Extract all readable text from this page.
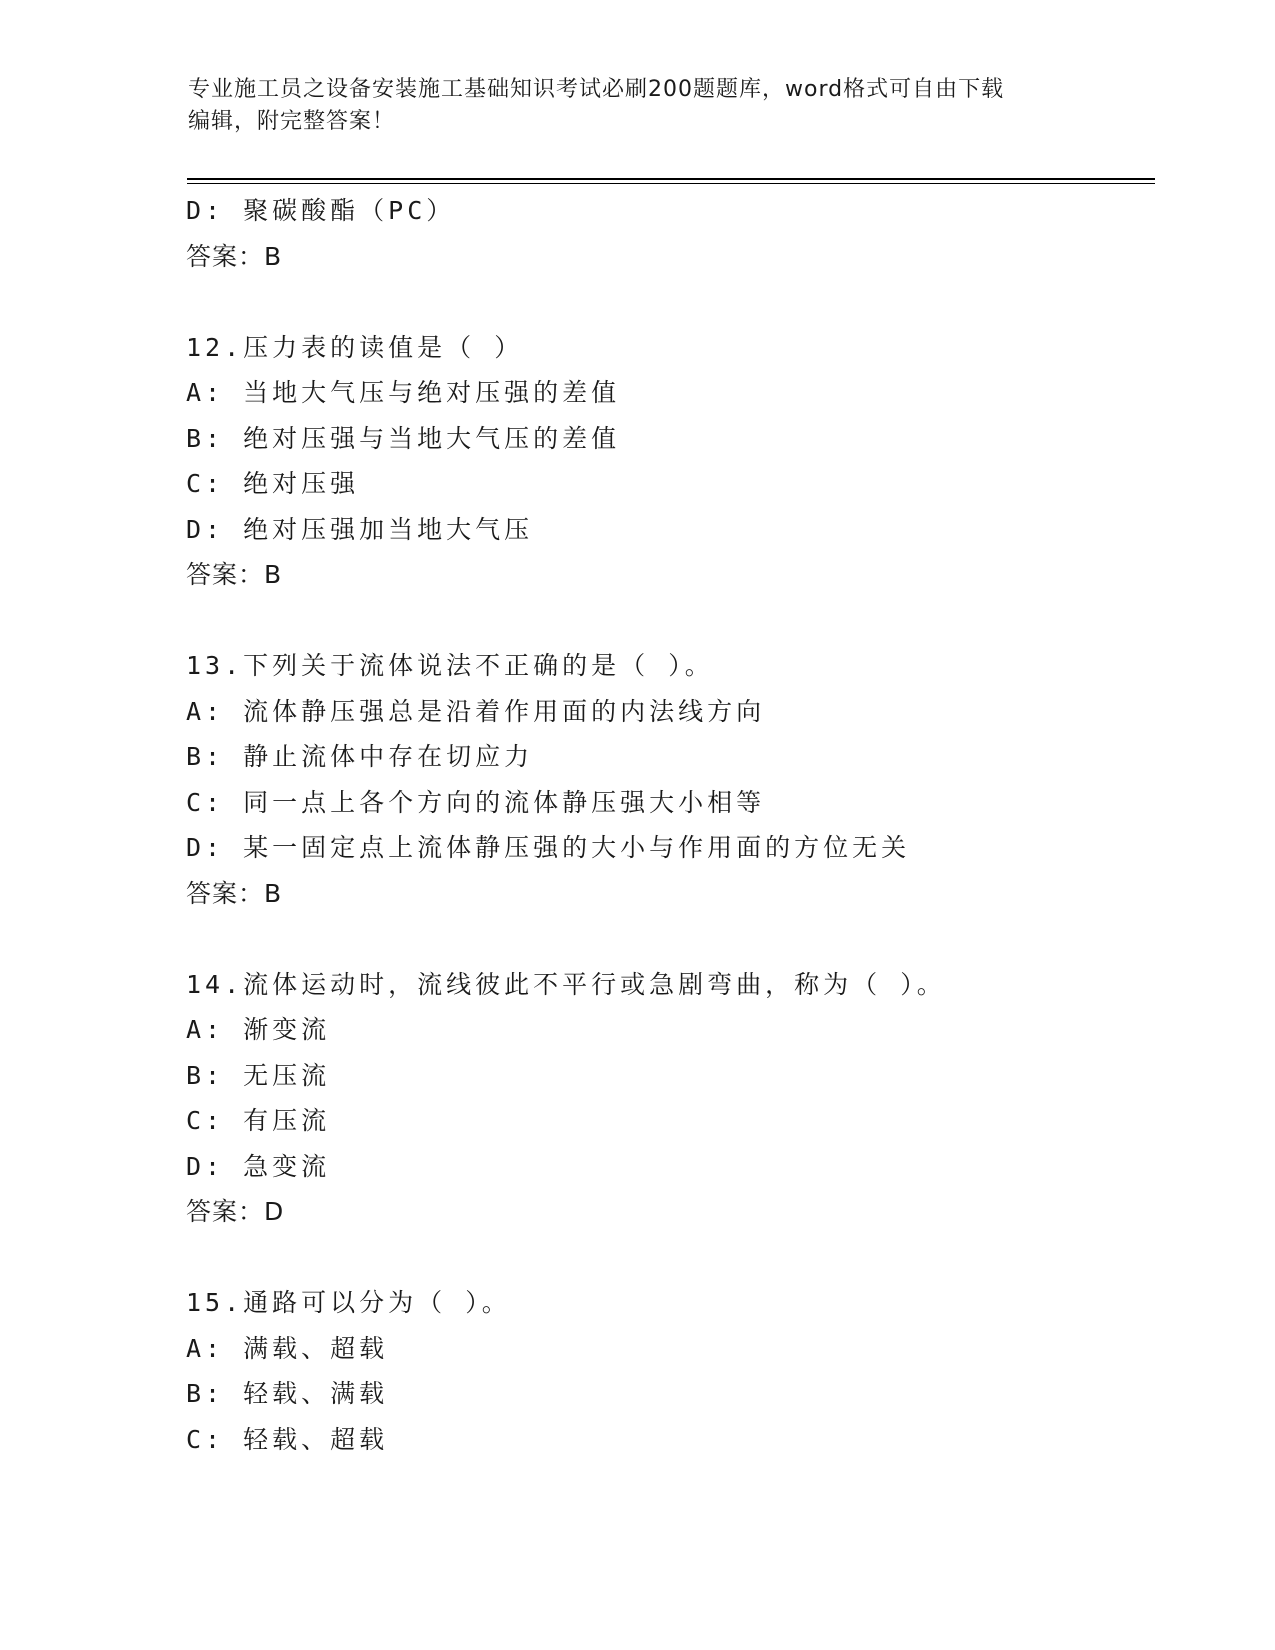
专业施工员之设备安装施工基础知识考试必刷200题题库，word格式可自由下载
编辑，附完整答案！
D: 聚碳酸酯（PC）
答案：B
12.压力表的读值是（ ）
A: 当地大气压与绝对压强的差值
B: 绝对压强与当地大气压的差值
C: 绝对压强
D: 绝对压强加当地大气压
答案：B
13.下列关于流体说法不正确的是（ ）。
A: 流体静压强总是沿着作用面的内法线方向
B: 静止流体中存在切应力
C: 同一点上各个方向的流体静压强大小相等
D: 某一固定点上流体静压强的大小与作用面的方位无关
答案：B
14.流体运动时，流线彼此不平行或急剧弯曲，称为（ ）。
A: 渐变流
B: 无压流
C: 有压流
D: 急变流
答案：D
15.通路可以分为（ ）。
A: 满载、超载
B: 轻载、满载
C: 轻载、超载
